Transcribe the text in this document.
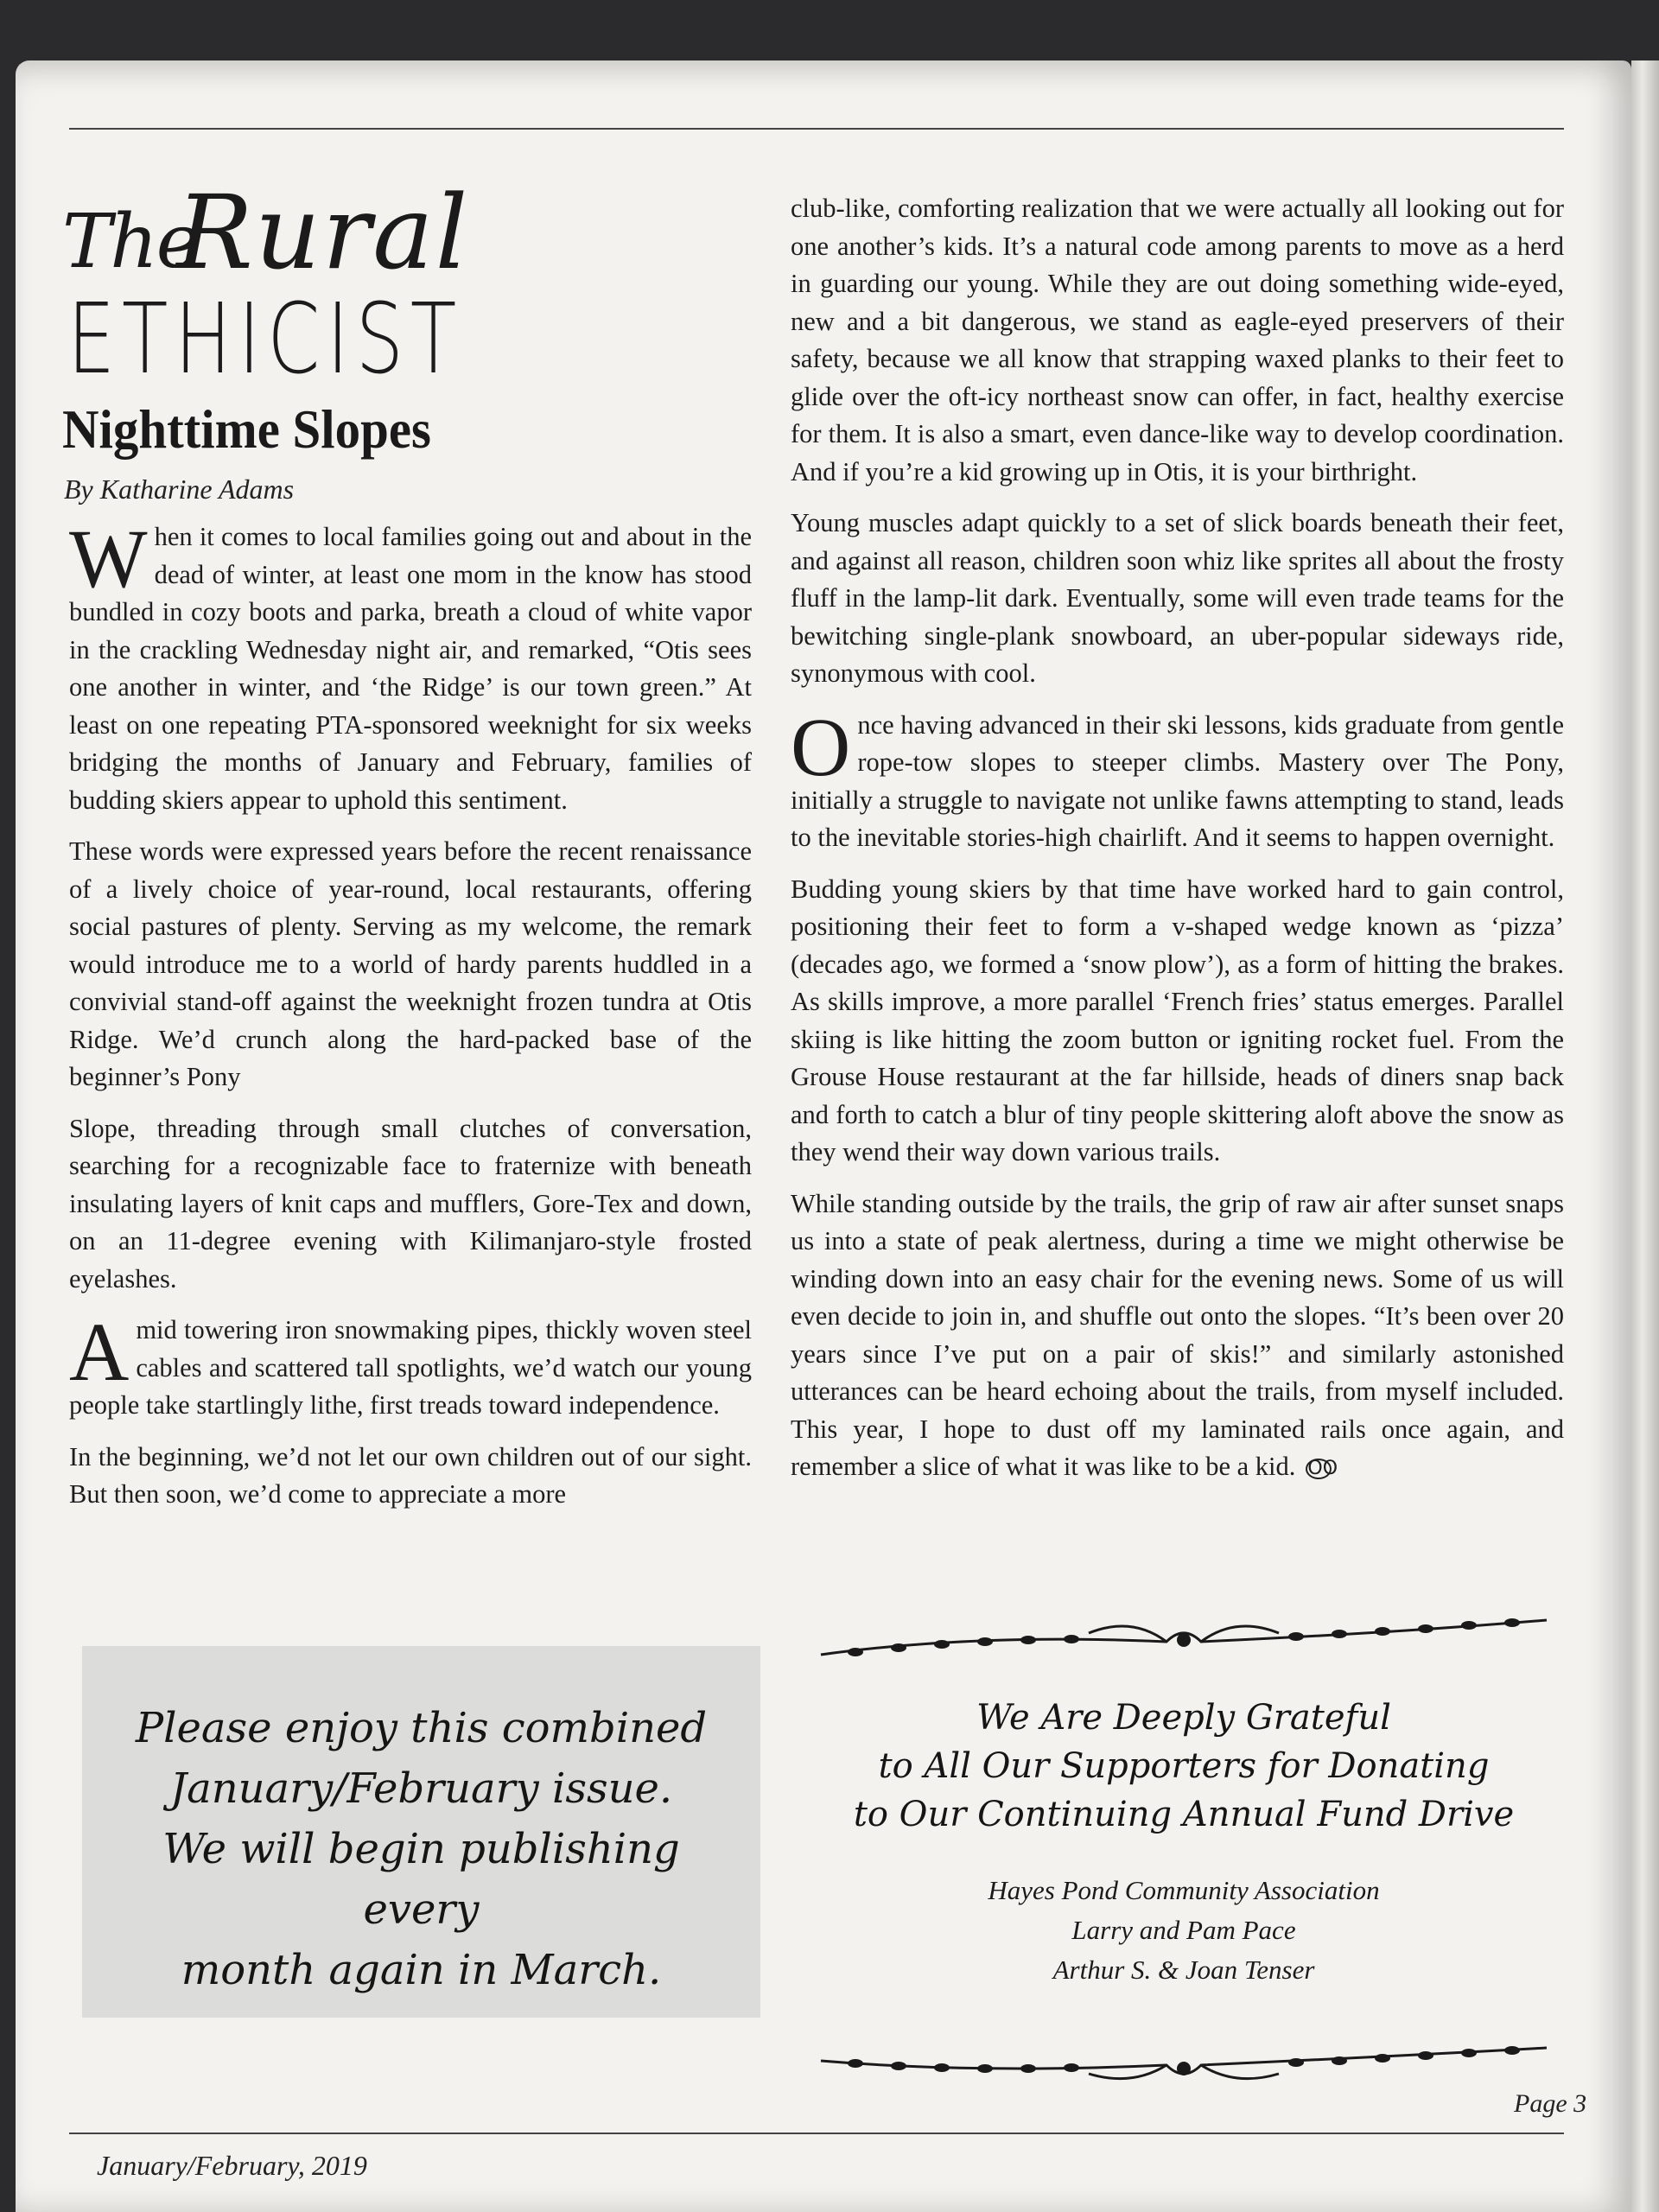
The
Rural
ETHICIST
Nighttime Slopes
By Katharine Adams

When it comes to local families going out and about in the dead of winter, at least one mom in the know has stood bundled in cozy boots and parka, breath a cloud of white vapor in the crackling Wednesday night air, and remarked, “Otis sees one another in winter, and ‘the Ridge’ is our town green.” At least on one repeating PTA-sponsored weeknight for six weeks bridging the months of January and February, families of budding skiers appear to uphold this sentiment.

These words were expressed years before the recent renaissance of a lively choice of year-round, local restaurants, offering social pastures of plenty. Serving as my welcome, the remark would introduce me to a world of hardy parents huddled in a convivial stand-off against the weeknight frozen tundra at Otis Ridge. We’d crunch along the hard-packed base of the beginner’s Pony

Slope, threading through small clutches of conversation, searching for a recognizable face to fraternize with beneath insulating layers of knit caps and mufflers, Gore-Tex and down, on an 11-degree evening with Kilimanjaro-style frosted eyelashes.

Amid towering iron snowmaking pipes, thickly woven steel cables and scattered tall spotlights, we’d watch our young people take startlingly lithe, first treads toward independence.

In the beginning, we’d not let our own children out of our sight. But then soon, we’d come to appreciate a more

club-like, comforting realization that we were actually all looking out for one another’s kids. It’s a natural code among parents to move as a herd in guarding our young. While they are out doing something wide-eyed, new and a bit dangerous, we stand as eagle-eyed preservers of their safety, because we all know that strapping waxed planks to their feet to glide over the oft-icy northeast snow can offer, in fact, healthy exercise for them. It is also a smart, even dance-like way to develop coordination. And if you’re a kid growing up in Otis, it is your birthright.

Young muscles adapt quickly to a set of slick boards beneath their feet, and against all reason, children soon whiz like sprites all about the frosty fluff in the lamp-lit dark. Eventually, some will even trade teams for the bewitching single-plank snowboard, an uber-popular sideways ride, synonymous with cool.

Once having advanced in their ski lessons, kids graduate from gentle rope-tow slopes to steeper climbs. Mastery over The Pony, initially a struggle to navigate not unlike fawns attempting to stand, leads to the inevitable stories-high chairlift. And it seems to happen overnight.

Budding young skiers by that time have worked hard to gain control, positioning their feet to form a v-shaped wedge known as ‘pizza’ (decades ago, we formed a ‘snow plow’), as a form of hitting the brakes. As skills improve, a more parallel ‘French fries’ status emerges. Parallel skiing is like hitting the zoom button or igniting rocket fuel. From the Grouse House restaurant at the far hillside, heads of diners snap back and forth to catch a blur of tiny people skittering aloft above the snow as they wend their way down various trails.

While standing outside by the trails, the grip of raw air after sunset snaps us into a state of peak alertness, during a time we might otherwise be winding down into an easy chair for the evening news. Some of us will even decide to join in, and shuffle out onto the slopes. “It’s been over 20 years since I’ve put on a pair of skis!” and similarly astonished utterances can be heard echoing about the trails, from myself included. This year, I hope to dust off my laminated rails once again, and remember a slice of what it was like to be a kid. OO

Please enjoy this combined
January/February issue.
We will begin publishing every
month again in March.
We Are Deeply Grateful
to All Our Supporters for Donating
to Our Continuing Annual Fund Drive
Hayes Pond Community Association
Larry and Pam Pace
Arthur S. & Joan Tenser
Page 3
January/February, 2019
